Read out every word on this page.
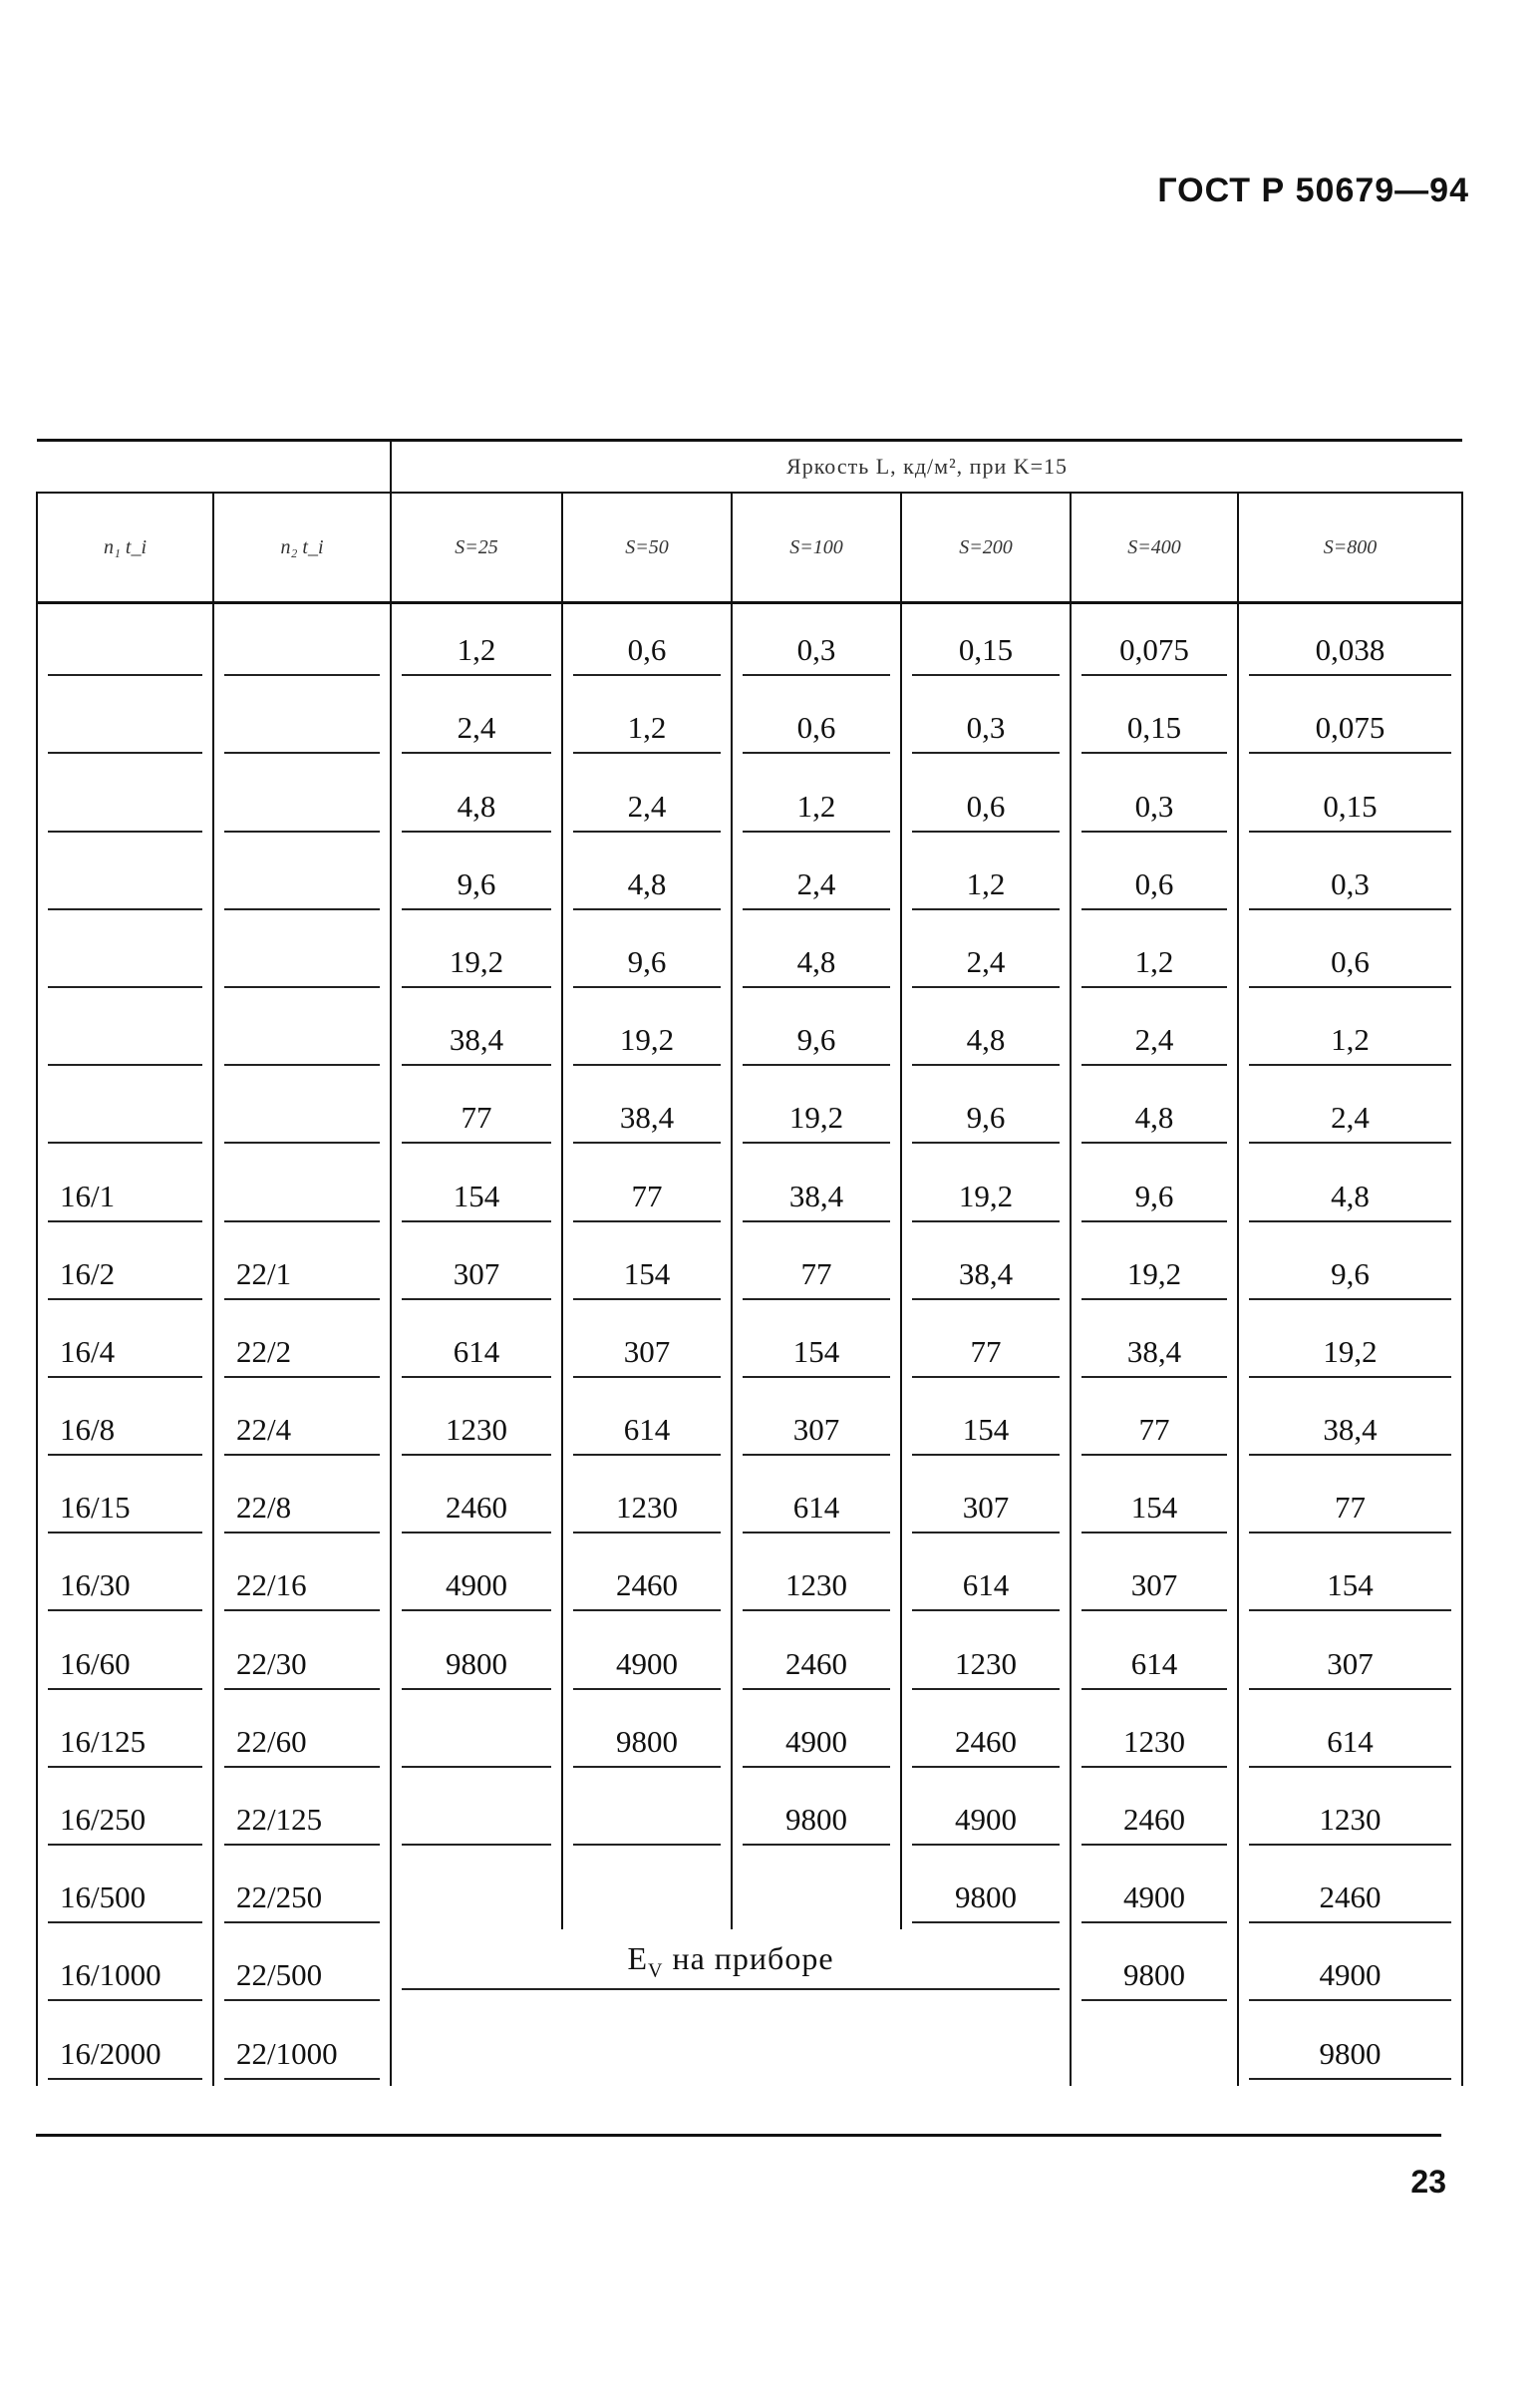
ГОСТ Р 50679—94
		Яркость L, кд/м², при K=15					
n₁ t_i	n₂ t_i	S=25	S=50	S=100	S=200	S=400	S=800

		1,2	0,6	0,3	0,15	0,075	0,038

		2,4	1,2	0,6	0,3	0,15	0,075

		4,8	2,4	1,2	0,6	0,3	0,15

		9,6	4,8	2,4	1,2	0,6	0,3

		19,2	9,6	4,8	2,4	1,2	0,6

		38,4	19,2	9,6	4,8	2,4	1,2

		77	38,4	19,2	9,6	4,8	2,4

16/1		154	77	38,4	19,2	9,6	4,8

16/2	22/1	307	154	77	38,4	19,2	9,6

16/4	22/2	614	307	154	77	38,4	19,2

16/8	22/4	1230	614	307	154	77	38,4

16/15	22/8	2460	1230	614	307	154	77

16/30	22/16	4900	2460	1230	614	307	154

16/60	22/30	9800	4900	2460	1230	614	307

16/125	22/60		9800	4900	2460	1230	614

16/250	22/125			9800	4900	2460	1230

16/500	22/250				9800	4900	2460

16/1000	22/500	$E_V$ на приборе				9800	4900

16/2000	22/1000						9800
23
